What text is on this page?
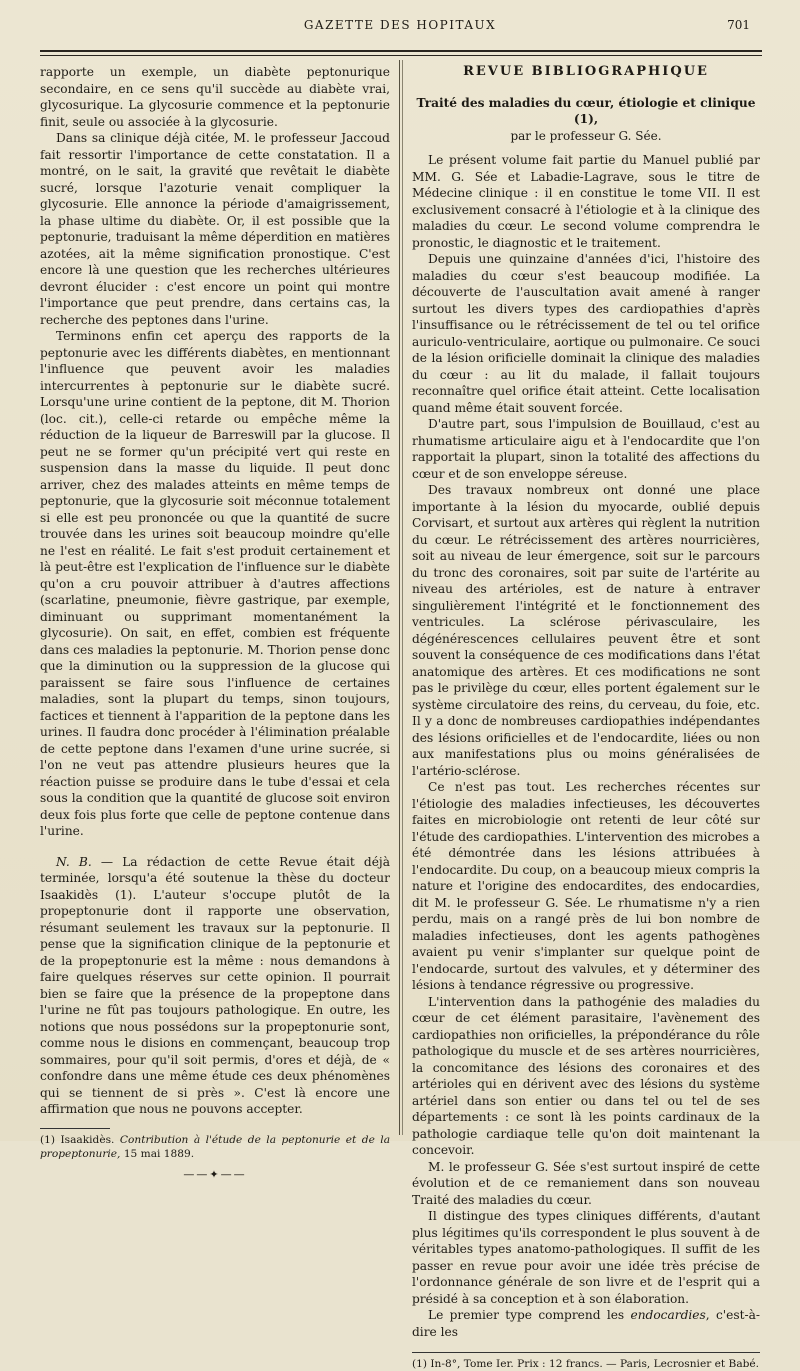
GAZETTE DES HOPITAUX	701

rapporte un exemple, un diabète peptonurique secondaire, en ce sens qu'il succède au diabète vrai, glycosurique. La glycosurie commence et la peptonurie finit, seule ou associée à la glycosurie.

Dans sa clinique déjà citée, M. le professeur Jaccoud fait ressortir l'importance de cette constatation. Il a montré, on le sait, la gravité que revêtait le diabète sucré, lorsque l'azoturie venait compliquer la glycosurie. Elle annonce la période d'amaigrissement, la phase ultime du diabète. Or, il est possible que la peptonurie, traduisant la même déperdition en matières azotées, ait la même signification pronostique. C'est encore là une question que les recherches ultérieures devront élucider : c'est encore un point qui montre l'importance que peut prendre, dans certains cas, la recherche des peptones dans l'urine.

Terminons enfin cet aperçu des rapports de la peptonurie avec les différents diabètes, en mentionnant l'influence que peuvent avoir les maladies intercurrentes à peptonurie sur le diabète sucré. Lorsqu'une urine contient de la peptone, dit M. Thorion (loc. cit.), celle-ci retarde ou empêche même la réduction de la liqueur de Barreswill par la glucose. Il peut ne se former qu'un précipité vert qui reste en suspension dans la masse du liquide. Il peut donc arriver, chez des malades atteints en même temps de peptonurie, que la glycosurie soit méconnue totalement si elle est peu prononcée ou que la quantité de sucre trouvée dans les urines soit beaucoup moindre qu'elle ne l'est en réalité. Le fait s'est produit certainement et là peut-être est l'explication de l'influence sur le diabète qu'on a cru pouvoir attribuer à d'autres affections (scarlatine, pneumonie, fièvre gastrique, par exemple, diminuant ou supprimant momentanément la glycosurie). On sait, en effet, combien est fréquente dans ces maladies la peptonurie. M. Thorion pense donc que la diminution ou la suppression de la glucose qui paraissent se faire sous l'influence de certaines maladies, sont la plupart du temps, sinon toujours, factices et tiennent à l'apparition de la peptone dans les urines. Il faudra donc procéder à l'élimination préalable de cette peptone dans l'examen d'une urine sucrée, si l'on ne veut pas attendre plusieurs heures que la réaction puisse se produire dans le tube d'essai et cela sous la condition que la quantité de glucose soit environ deux fois plus forte que celle de peptone contenue dans l'urine.

N. B. — La rédaction de cette Revue était déjà terminée, lorsqu'a été soutenue la thèse du docteur Isaakidès (1). L'auteur s'occupe plutôt de la propeptonurie dont il rapporte une observation, résumant seulement les travaux sur la peptonurie. Il pense que la signification clinique de la peptonurie et de la propeptonurie est la même : nous demandons à faire quelques réserves sur cette opinion. Il pourrait bien se faire que la présence de la propeptone dans l'urine ne fût pas toujours pathologique. En outre, les notions que nous possédons sur la propeptonurie sont, comme nous le disions en commençant, beaucoup trop sommaires, pour qu'il soit permis, d'ores et déjà, de « confondre dans une même étude ces deux phénomènes qui se tiennent de si près ». C'est là encore une affirmation que nous ne pouvons accepter.

(1) Isaakidès. Contribution à l'étude de la peptonurie et de la propeptonurie, 15 mai 1889.

——✦——
REVUE BIBLIOGRAPHIQUE
Traité des maladies du cœur, étiologie et clinique (1),
par le professeur G. Sée.

Le présent volume fait partie du Manuel publié par MM. G. Sée et Labadie-Lagrave, sous le titre de Médecine clinique : il en constitue le tome VII. Il est exclusivement consacré à l'étiologie et à la clinique des maladies du cœur. Le second volume comprendra le pronostic, le diagnostic et le traitement.

Depuis une quinzaine d'années d'ici, l'histoire des maladies du cœur s'est beaucoup modifiée. La découverte de l'auscultation avait amené à ranger surtout les divers types des cardiopathies d'après l'insuffisance ou le rétrécissement de tel ou tel orifice auriculo-ventriculaire, aortique ou pulmonaire. Ce souci de la lésion orificielle dominait la clinique des maladies du cœur : au lit du malade, il fallait toujours reconnaître quel orifice était atteint. Cette localisation quand même était souvent forcée.

D'autre part, sous l'impulsion de Bouillaud, c'est au rhumatisme articulaire aigu et à l'endocardite que l'on rapportait la plupart, sinon la totalité des affections du cœur et de son enveloppe séreuse.

Des travaux nombreux ont donné une place importante à la lésion du myocarde, oublié depuis Corvisart, et surtout aux artères qui règlent la nutrition du cœur. Le rétrécissement des artères nourricières, soit au niveau de leur émergence, soit sur le parcours du tronc des coronaires, soit par suite de l'artérite au niveau des artérioles, est de nature à entraver singulièrement l'intégrité et le fonctionnement des ventricules. La sclérose périvasculaire, les dégénérescences cellulaires peuvent être et sont souvent la conséquence de ces modifications dans l'état anatomique des artères. Et ces modifications ne sont pas le privilège du cœur, elles portent également sur le système circulatoire des reins, du cerveau, du foie, etc. Il y a donc de nombreuses cardiopathies indépendantes des lésions orificielles et de l'endocardite, liées ou non aux manifestations plus ou moins généralisées de l'artério-sclérose.

Ce n'est pas tout. Les recherches récentes sur l'étiologie des maladies infectieuses, les découvertes faites en microbiologie ont retenti de leur côté sur l'étude des cardiopathies. L'intervention des microbes a été démontrée dans les lésions attribuées à l'endocardite. Du coup, on a beaucoup mieux compris la nature et l'origine des endocardites, des endocardies, dit M. le professeur G. Sée. Le rhumatisme n'y a rien perdu, mais on a rangé près de lui bon nombre de maladies infectieuses, dont les agents pathogènes avaient pu venir s'implanter sur quelque point de l'endocarde, surtout des valvules, et y déterminer des lésions à tendance régressive ou progressive.

L'intervention dans la pathogénie des maladies du cœur de cet élément parasitaire, l'avènement des cardiopathies non orificielles, la prépondérance du rôle pathologique du muscle et de ses artères nourricières, la concomitance des lésions des coronaires et des artérioles qui en dérivent avec des lésions du système artériel dans son entier ou dans tel ou tel de ses départements : ce sont là les points cardinaux de la pathologie cardiaque telle qu'on doit maintenant la concevoir.

M. le professeur G. Sée s'est surtout inspiré de cette évolution et de ce remaniement dans son nouveau Traité des maladies du cœur.

Il distingue des types cliniques différents, d'autant plus légitimes qu'ils correspondent le plus souvent à de véritables types anatomo-pathologiques. Il suffit de les passer en revue pour avoir une idée très précise de l'ordonnance générale de son livre et de l'esprit qui a présidé à sa conception et à son élaboration.

Le premier type comprend les endocardies, c'est-à-dire les

(1) In-8°, Tome Ier. Prix : 12 francs. — Paris, Lecrosnier et Babé.
